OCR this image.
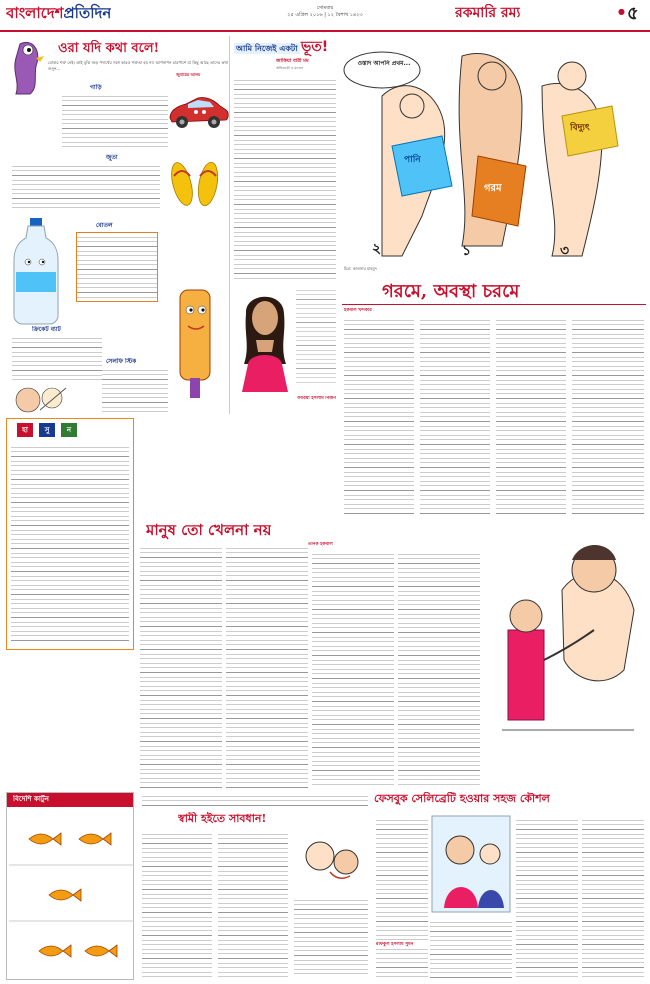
বাংলাদেশপ্রতিদিন	সোমবার
২৫ এপ্রিল ২০১৬ | ১২ বৈশাখ ১৪২৩	রকমারি রম্য
●	৫
ওরা যদি কথা বলে!
বোবার শত্রু নেই। তাই বুঝি জড় পদার্থের সঙ্গে কারও শত্রুতা হয় না। আপনাপন চারপাশে যা কিছু আছে তাদের কথা শুনুন...
জুবায়ের আলম
গাড়ি
জুতা
বোতল
ক্রিকেট ব্যাট
সেলফি স্টিক
আমি নিজেই একটা ভূত!
জাকিয়া বারী মম
অভিনেত্রী ও মডেল
ফারিয়া ইসলাম নির্জন
ওস্তাদ আপনি প্রথম...
পানি
গরম
বিদ্যুৎ
২	১	৩
চিত্র: কাওসার মাহমুদ
গরমে, অবস্থা চরমে
ইকবাল খন্দকার
হা	সু	ন
মানুষ তো খেলনা নয়
তানক ইকবাল
বিদেশি কার্টুন
স্বামী হইতে সাবধান!
ফেসবুক সেলিব্রেটি হওয়ার সহজ কৌশল
রফিকুল ইসলাম সুমন
